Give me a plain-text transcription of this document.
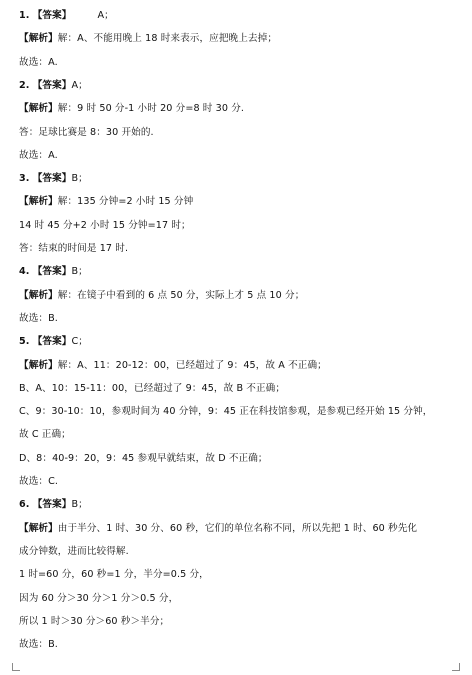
1. 【答案】	A；
【解析】解：A、不能用晚上 18 时来表示，应把晚上去掉；
故选：A.
2. 【答案】A；
【解析】解：9 时 50 分-1 小时 20 分=8 时 30 分.
答：足球比赛是 8：30 开始的.
故选：A.
3. 【答案】B；
【解析】解：135 分钟=2 小时 15 分钟
14 时 45 分+2 小时 15 分钟=17 时；
答：结束的时间是 17 时.
4. 【答案】B；
【解析】解：在镜子中看到的 6 点 50 分，实际上才 5 点 10 分；
故选：B.
5. 【答案】C；
【解析】解：A、11：20-12：00，已经超过了 9：45，故 A 不正确；
B、A、10：15-11：00，已经超过了 9：45，故 B 不正确；
C、9：30-10：10，参观时间为 40 分钟，9：45 正在科技馆参观，是参观已经开始 15 分钟，
故 C 正确；
D、8：40-9：20，9：45 参观早就结束，故 D 不正确；
故选：C.
6. 【答案】B；
【解析】由于半分、1 时、30 分、60 秒，它们的单位名称不同，所以先把 1 时、60 秒先化
成分钟数，进而比较得解.
1 时=60 分，60 秒=1 分，半分=0.5 分，
因为 60 分＞30 分＞1 分＞0.5 分，
所以 1 时＞30 分＞60 秒＞半分；
故选：B.
